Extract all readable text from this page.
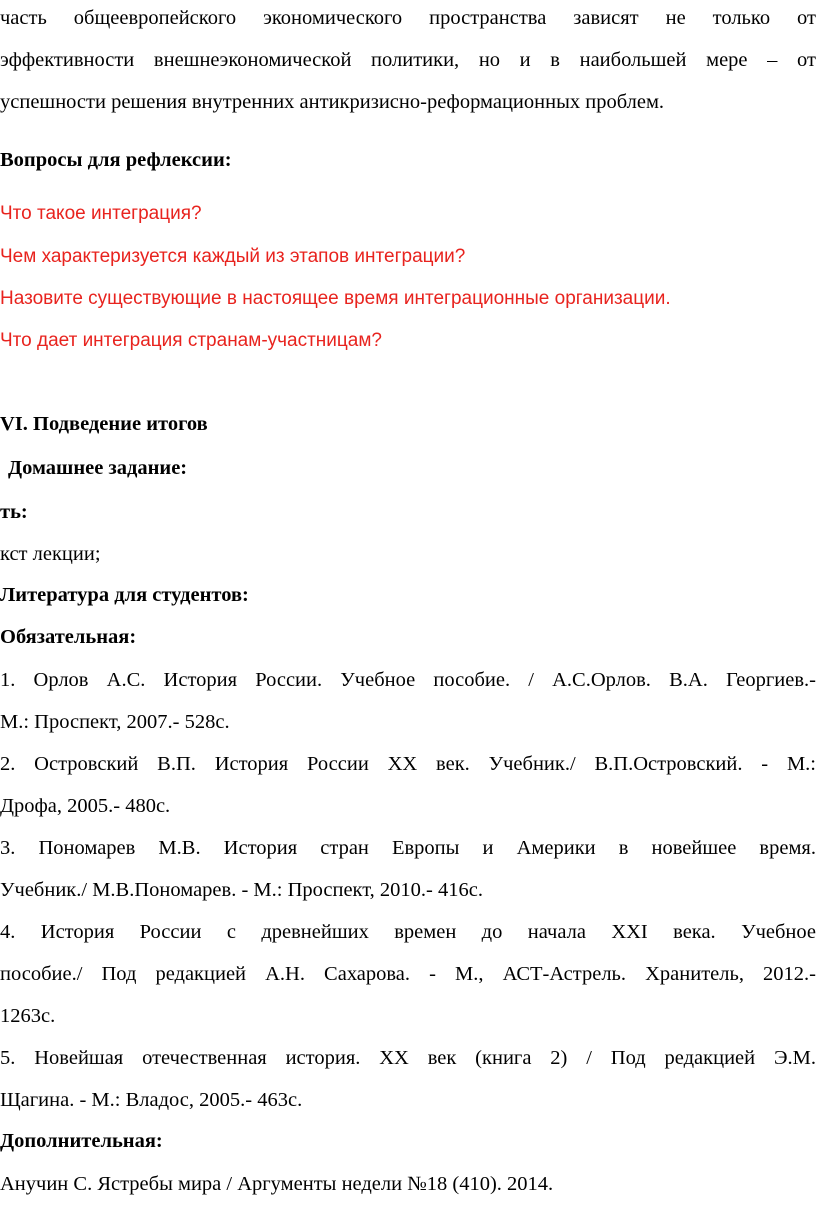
часть общеевропейского экономического пространства зависят не только от
эффективности внешнеэкономической политики, но и в наибольшей мере – от
успешности решения внутренних антикризисно-реформационных проблем.
Вопросы для рефлексии:
Что такое интеграция?
Чем характеризуется каждый из этапов интеграции?
Назовите существующие в настоящее время интеграционные организации.
Что дает интеграция странам-участницам?
VI. Подведение итогов
Домашнее задание:
ть:
кст лекции;
Литература для студентов:
Обязательная:
1. Орлов А.С. История России. Учебное пособие. / А.С.Орлов. В.А. Георгиев.-
М.: Проспект, 2007.- 528с.
2. Островский В.П. История России XX век. Учебник./ В.П.Островский. - М.:
Дрофа, 2005.- 480с.
3. Пономарев М.В. История стран Европы и Америки в новейшее время.
Учебник./ М.В.Пономарев. - М.: Проспект, 2010.- 416с.
4. История России с древнейших времен до начала XXI века. Учебное
пособие./ Под редакцией А.Н. Сахарова. - М., АСТ-Астрель. Хранитель, 2012.-
1263с.
5. Новейшая отечественная история. XX век (книга 2) / Под редакцией Э.М.
Щагина. - М.: Владос, 2005.- 463с.
Дополнительная:
Анучин С. Ястребы мира / Аргументы недели №18 (410). 2014.
